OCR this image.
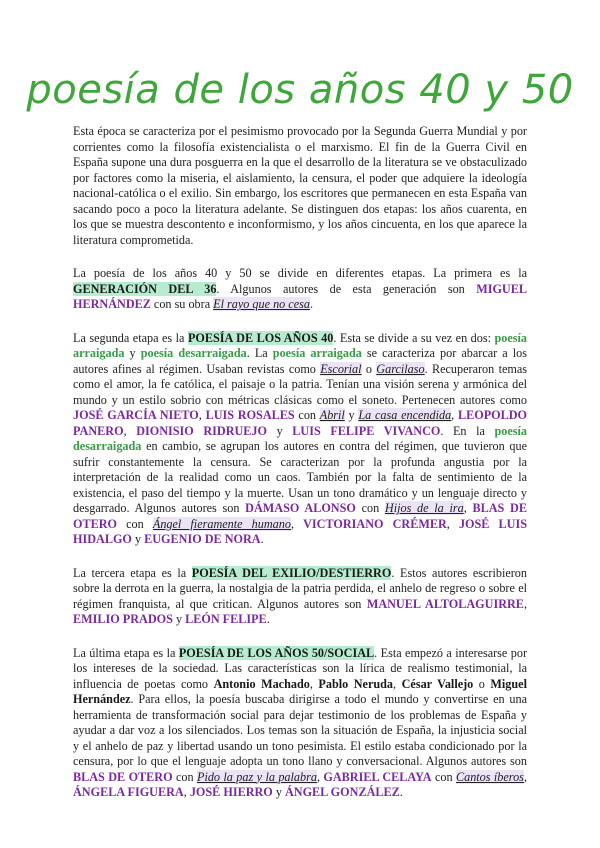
poesía de los años 40 y 50

Esta época se caracteriza por el pesimismo provocado por la Segunda Guerra Mundial y por corrientes como la filosofía existencialista o el marxismo. El fin de la Guerra Civil en España supone una dura posguerra en la que el desarrollo de la literatura se ve obstaculizado por factores como la miseria, el aislamiento, la censura, el poder que adquiere la ideología nacional-católica o el exilio. Sin embargo, los escritores que permanecen en esta España van sacando poco a poco la literatura adelante. Se distinguen dos etapas: los años cuarenta, en los que se muestra descontento e inconformismo, y los años cincuenta, en los que aparece la literatura comprometida.

La poesía de los años 40 y 50 se divide en diferentes etapas. La primera es la GENERACIÓN DEL 36. Algunos autores de esta generación son MIGUEL HERNÁNDEZ con su obra El rayo que no cesa.

La segunda etapa es la POESÍA DE LOS AÑOS 40. Esta se divide a su vez en dos: poesía arraigada y poesía desarraigada. La poesía arraigada se caracteriza por abarcar a los autores afines al régimen. Usaban revistas como Escorial o Garcilaso. Recuperaron temas como el amor, la fe católica, el paisaje o la patria. Tenían una visión serena y armónica del mundo y un estilo sobrio con métricas clásicas como el soneto. Pertenecen autores como JOSÉ GARCÍA NIETO, LUIS ROSALES con Abril y La casa encendida, LEOPOLDO PANERO, DIONISIO RIDRUEJO y LUIS FELIPE VIVANCO. En la poesía desarraigada en cambio, se agrupan los autores en contra del régimen, que tuvieron que sufrir constantemente la censura. Se caracterizan por la profunda angustia por la interpretación de la realidad como un caos. También por la falta de sentimiento de la existencia, el paso del tiempo y la muerte. Usan un tono dramático y un lenguaje directo y desgarrado. Algunos autores son DÁMASO ALONSO con Hijos de la ira, BLAS DE OTERO con Ángel fieramente humano, VICTORIANO CRÉMER, JOSÉ LUIS HIDALGO y EUGENIO DE NORA.

La tercera etapa es la POESÍA DEL EXILIO/DESTIERRO. Estos autores escribieron sobre la derrota en la guerra, la nostalgia de la patria perdida, el anhelo de regreso o sobre el régimen franquista, al que critican. Algunos autores son MANUEL ALTOLAGUIRRE, EMILIO PRADOS y LEÓN FELIPE.

La última etapa es la POESÍA DE LOS AÑOS 50/SOCIAL. Esta empezó a interesarse por los intereses de la sociedad. Las características son la lírica de realismo testimonial, la influencia de poetas como Antonio Machado, Pablo Neruda, César Vallejo o Miguel Hernández. Para ellos, la poesía buscaba dirigirse a todo el mundo y convertirse en una herramienta de transformación social para dejar testimonio de los problemas de España y ayudar a dar voz a los silenciados. Los temas son la situación de España, la injusticia social y el anhelo de paz y libertad usando un tono pesimista. El estilo estaba condicionado por la censura, por lo que el lenguaje adopta un tono llano y conversacional. Algunos autores son BLAS DE OTERO con Pido la paz y la palabra, GABRIEL CELAYA con Cantos íberos, ÁNGELA FIGUERA, JOSÉ HIERRO y ÁNGEL GONZÁLEZ.
